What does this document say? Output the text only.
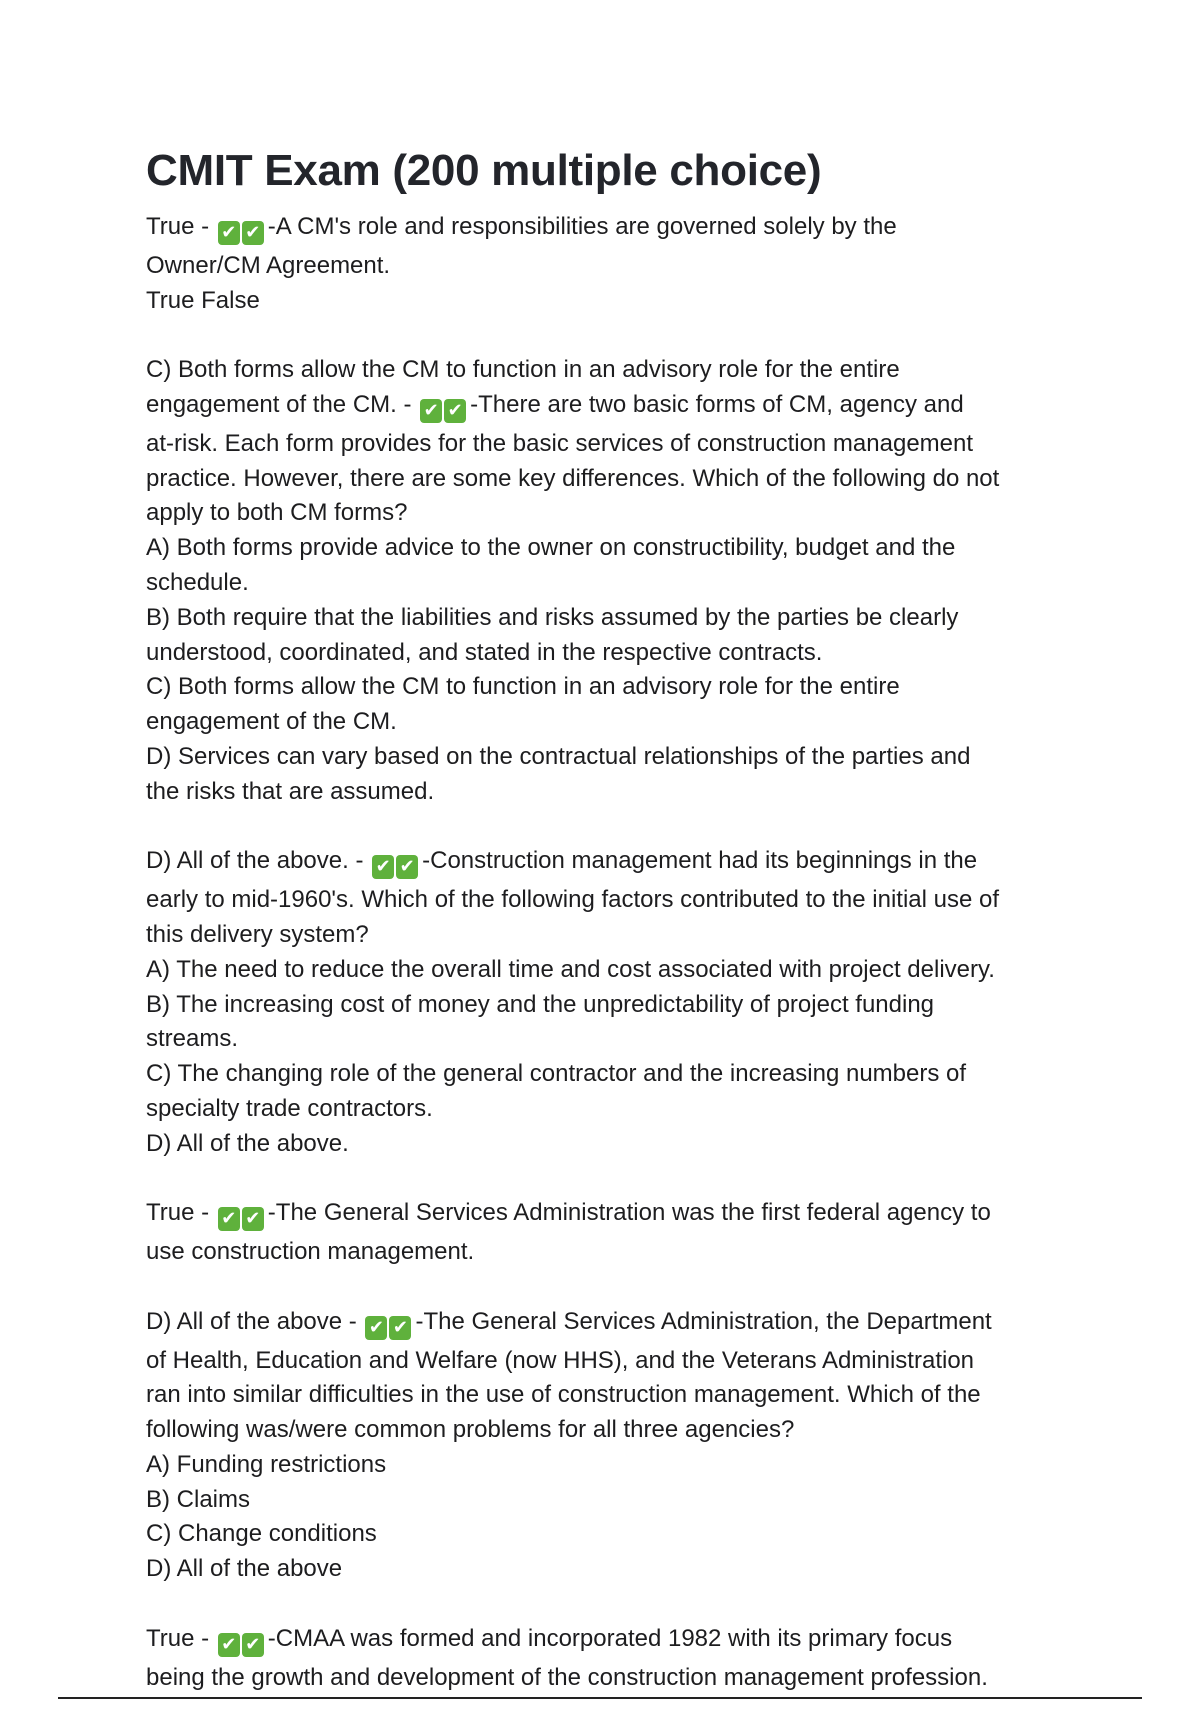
CMIT Exam (200 multiple choice)

True - ✔ ✔ -A CM's role and responsibilities are governed solely by the

Owner/CM Agreement.

True False

C) Both forms allow the CM to function in an advisory role for the entire

engagement of the CM. - ✔ ✔ -There are two basic forms of CM, agency and

at-risk. Each form provides for the basic services of construction management

practice. However, there are some key differences. Which of the following do not

apply to both CM forms?

A) Both forms provide advice to the owner on constructibility, budget and the

schedule.

B) Both require that the liabilities and risks assumed by the parties be clearly

understood, coordinated, and stated in the respective contracts.

C) Both forms allow the CM to function in an advisory role for the entire

engagement of the CM.

D) Services can vary based on the contractual relationships of the parties and

the risks that are assumed.

D) All of the above. - ✔ ✔ -Construction management had its beginnings in the

early to mid-1960's. Which of the following factors contributed to the initial use of

this delivery system?

A) The need to reduce the overall time and cost associated with project delivery.

B) The increasing cost of money and the unpredictability of project funding

streams.

C) The changing role of the general contractor and the increasing numbers of

specialty trade contractors.

D) All of the above.

True - ✔ ✔ -The General Services Administration was the first federal agency to

use construction management.

D) All of the above - ✔ ✔ -The General Services Administration, the Department

of Health, Education and Welfare (now HHS), and the Veterans Administration

ran into similar difficulties in the use of construction management. Which of the

following was/were common problems for all three agencies?

A) Funding restrictions

B) Claims

C) Change conditions

D) All of the above

True - ✔ ✔ -CMAA was formed and incorporated 1982 with its primary focus

being the growth and development of the construction management profession.
